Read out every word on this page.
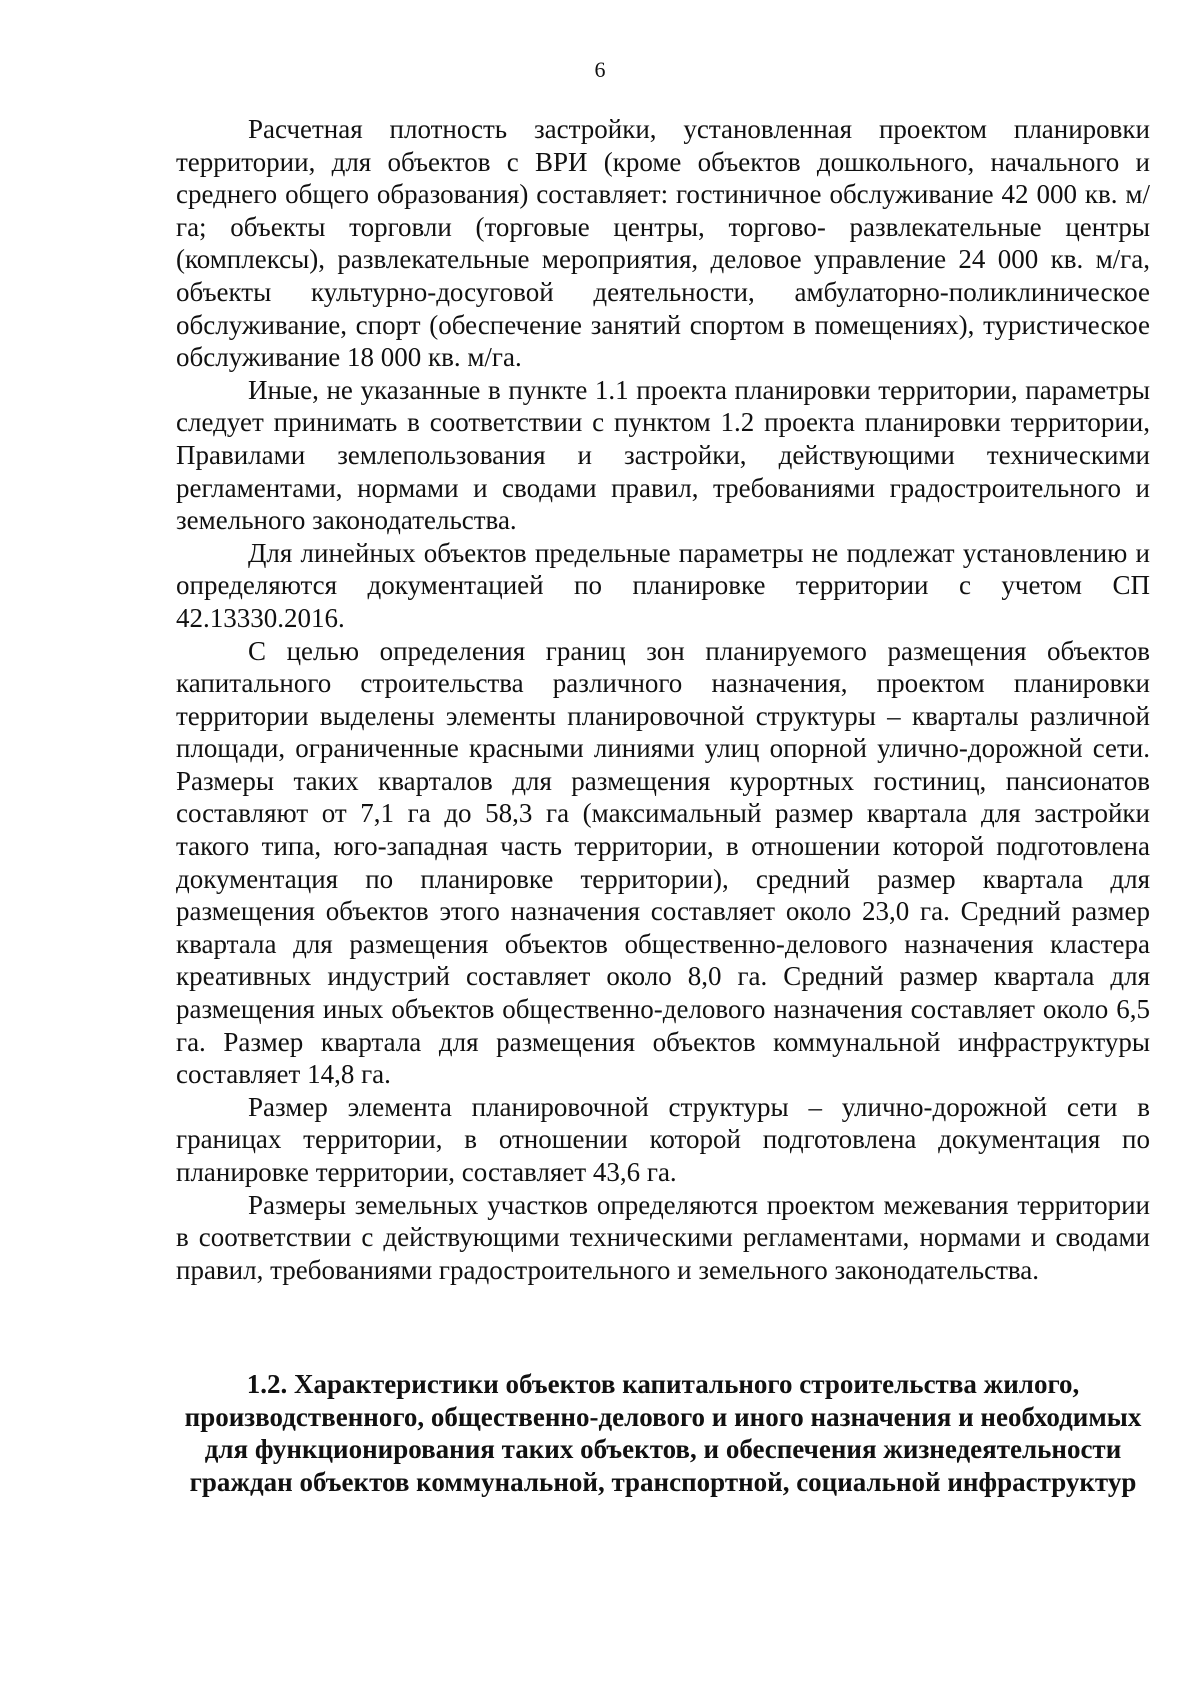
6

Расчетная плотность застройки, установленная проектом планировки территории, для объектов с ВРИ (кроме объектов дошкольного, начального и среднего общего образования) составляет: гостиничное обслуживание 42 000 кв. м/га; объекты торговли (торговые центры, торгово- развлекательные центры (комплексы), развлекательные мероприятия, деловое управление 24 000 кв. м/га, объекты культурно-досуговой деятельности, амбулаторно-поликлиническое обслуживание, спорт (обеспечение занятий спортом в помещениях), туристическое обслуживание 18 000 кв. м/га.

Иные, не указанные в пункте 1.1 проекта планировки территории, параметры следует принимать в соответствии с пунктом 1.2 проекта планировки территории, Правилами землепользования и застройки, действующими техническими регламентами, нормами и сводами правил, требованиями градостроительного и земельного законодательства.

Для линейных объектов предельные параметры не подлежат установлению и определяются документацией по планировке территории с учетом СП 42.13330.2016.

С целью определения границ зон планируемого размещения объектов капитального строительства различного назначения, проектом планировки территории выделены элементы планировочной структуры – кварталы различной площади, ограниченные красными линиями улиц опорной улично-дорожной сети. Размеры таких кварталов для размещения курортных гостиниц, пансионатов составляют от 7,1 га до 58,3 га (максимальный размер квартала для застройки такого типа, юго-западная часть территории, в отношении которой подготовлена документация по планировке территории), средний размер квартала для размещения объектов этого назначения составляет около 23,0 га. Средний размер квартала для размещения объектов общественно-делового назначения кластера креативных индустрий составляет около 8,0 га. Средний размер квартала для размещения иных объектов общественно-делового назначения составляет около 6,5 га. Размер квартала для размещения объектов коммунальной инфраструктуры составляет 14,8 га.

Размер элемента планировочной структуры – улично-дорожной сети в границах территории, в отношении которой подготовлена документация по планировке территории, составляет 43,6 га.

Размеры земельных участков определяются проектом межевания территории в соответствии с действующими техническими регламентами, нормами и сводами правил, требованиями градостроительного и земельного законодательства.

1.2. Характеристики объектов капитального строительства жилого, производственного, общественно-делового и иного назначения и необходимых для функционирования таких объектов, и обеспечения жизнедеятельности граждан объектов коммунальной, транспортной, социальной инфраструктур
